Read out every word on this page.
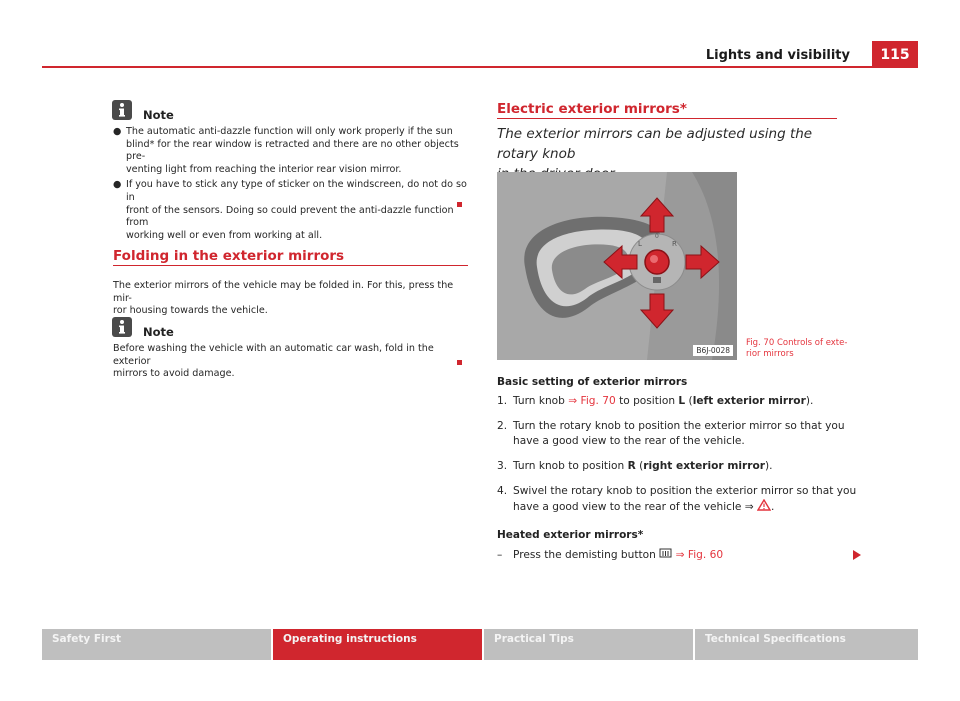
Lights and visibility	115
Note
● The automatic anti-dazzle function will only work properly if the sun
blind* for the rear window is retracted and there are no other objects pre-
venting light from reaching the interior rear vision mirror.
● If you have to stick any type of sticker on the windscreen, do not do so in
front of the sensors. Doing so could prevent the anti-dazzle function from
working well or even from working at all.
Folding in the exterior mirrors
The exterior mirrors of the vehicle may be folded in. For this, press the mir-
ror housing towards the vehicle.
Note
Before washing the vehicle with an automatic car wash, fold in the exterior
mirrors to avoid damage.
Electric exterior mirrors*
The exterior mirrors can be adjusted using the rotary knob

L	R
0
B6J-0028
Fig. 70 Controls of exte-
rior mirrors
Basic setting of exterior mirrors
1. Turn knob ⇒ Fig. 70 to position L (left exterior mirror).
2. Turn the rotary knob to position the exterior mirror so that you
have a good view to the rear of the vehicle.
3. Turn knob to position R (right exterior mirror).
4. Swivel the rotary knob to position the exterior mirror so that you
have a good view to the rear of the vehicle ⇒ .
Heated exterior mirrors*
–	Press the demisting button  ⇒ Fig. 60
Safety First	Operating instructions	Practical Tips	Technical Specifications
